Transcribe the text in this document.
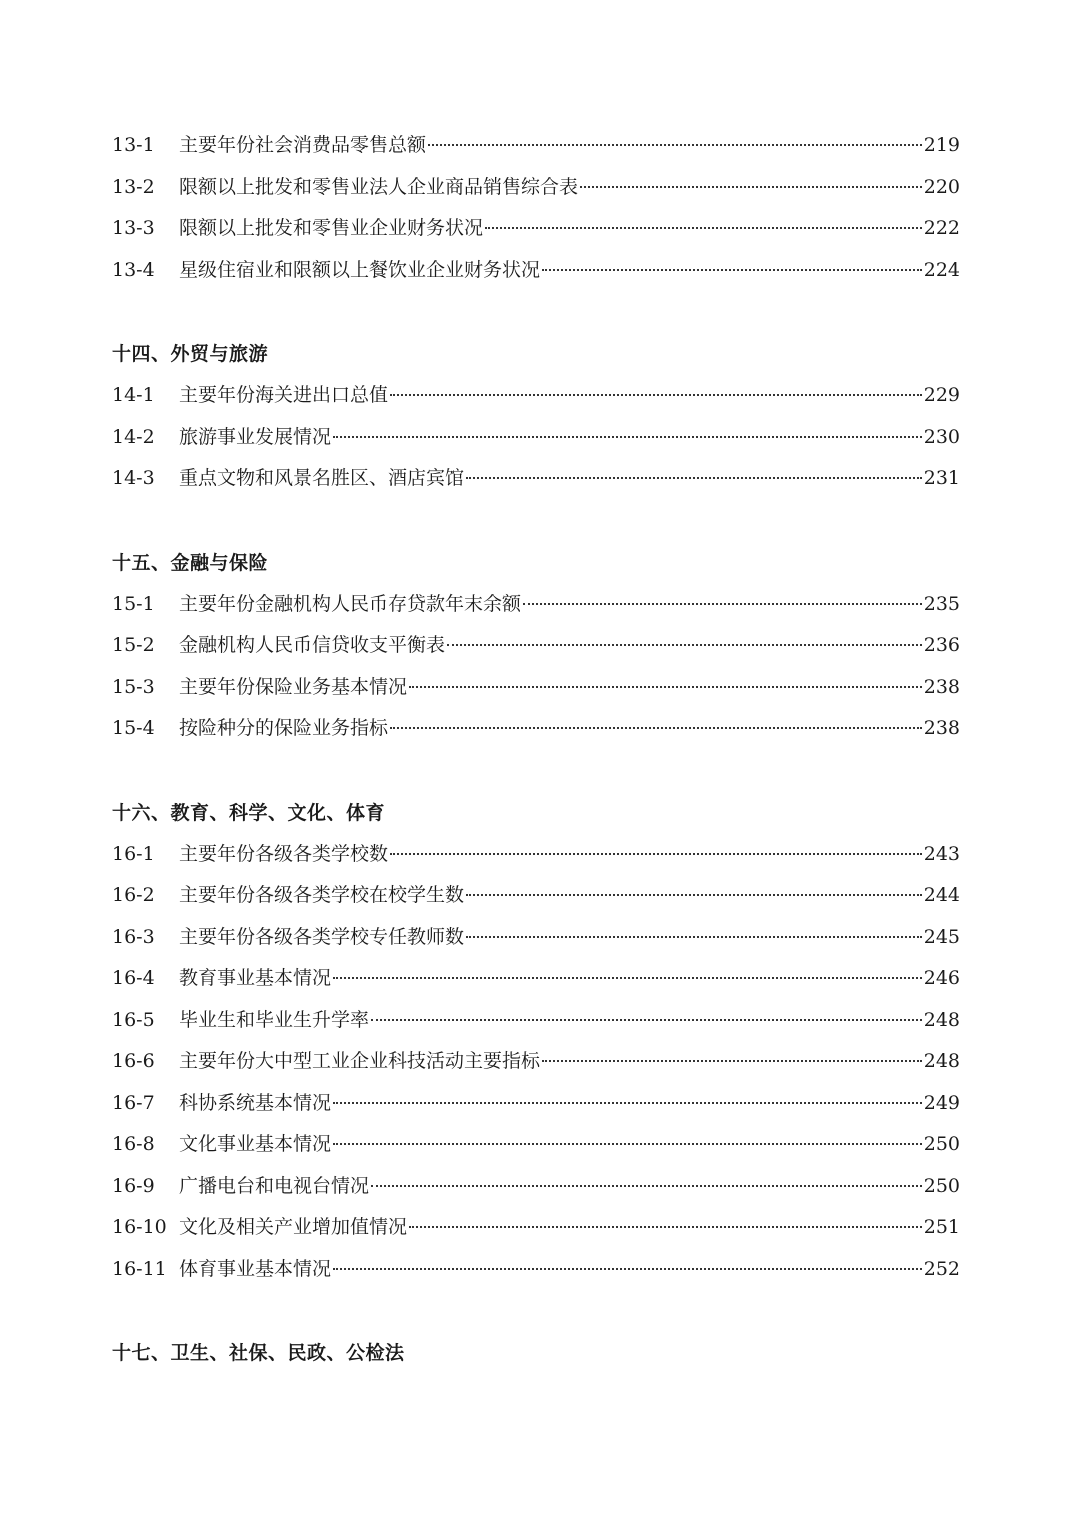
13-1	主要年份社会消费品零售总额	219
13-2	限额以上批发和零售业法人企业商品销售综合表	220
13-3	限额以上批发和零售业企业财务状况	222
13-4	星级住宿业和限额以上餐饮业企业财务状况	224
十四、外贸与旅游
14-1	主要年份海关进出口总值	229
14-2	旅游事业发展情况	230
14-3	重点文物和风景名胜区、酒店宾馆	231
十五、金融与保险
15-1	主要年份金融机构人民币存贷款年末余额	235
15-2	金融机构人民币信贷收支平衡表	236
15-3	主要年份保险业务基本情况	238
15-4	按险种分的保险业务指标	238
十六、教育、科学、文化、体育
16-1	主要年份各级各类学校数	243
16-2	主要年份各级各类学校在校学生数	244
16-3	主要年份各级各类学校专任教师数	245
16-4	教育事业基本情况	246
16-5	毕业生和毕业生升学率	248
16-6	主要年份大中型工业企业科技活动主要指标	248
16-7	科协系统基本情况	249
16-8	文化事业基本情况	250
16-9	广播电台和电视台情况	250
16-10 文化及相关产业增加值情况	251
16-11 体育事业基本情况	252
十七、卫生、社保、民政、公检法
